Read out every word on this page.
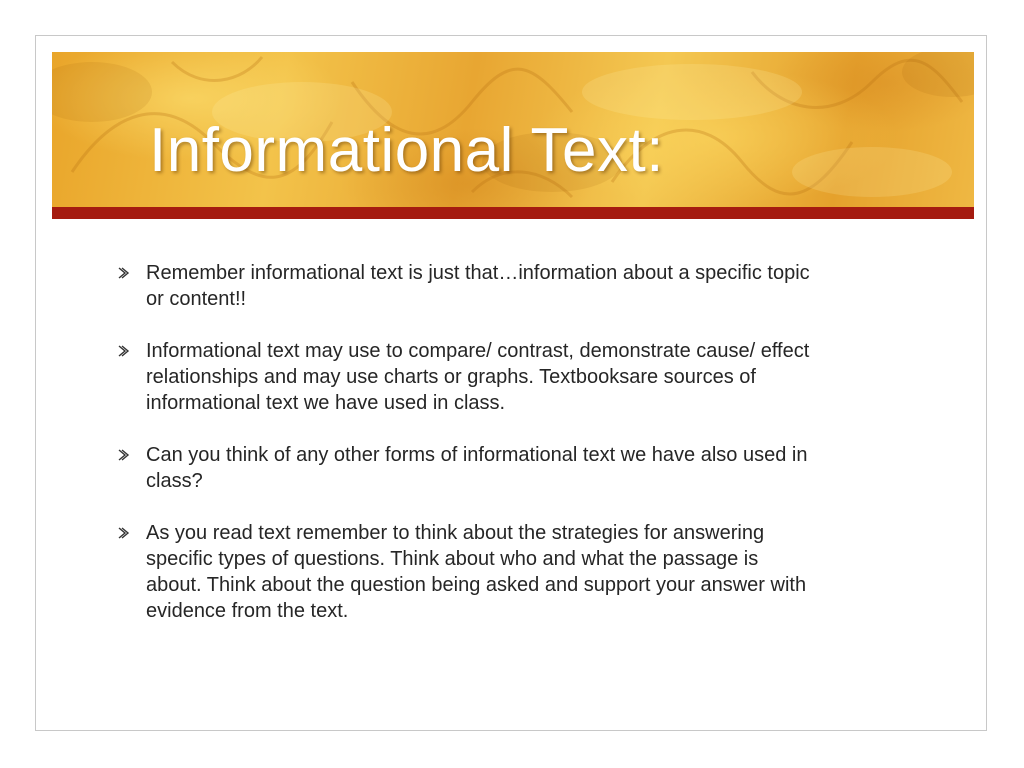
Informational Text:
Remember informational text is just that…information about a specific topic or content!!
Informational text may use to compare/ contrast, demonstrate cause/ effect relationships and may use charts or graphs. Textbooksare sources of informational text we have used in class.
Can you think of any other forms of informational text we have also used in class?
As you read text remember to think about the strategies for answering specific types of questions. Think about who and what the passage is about. Think about the question being asked and support your answer with evidence from the text.
